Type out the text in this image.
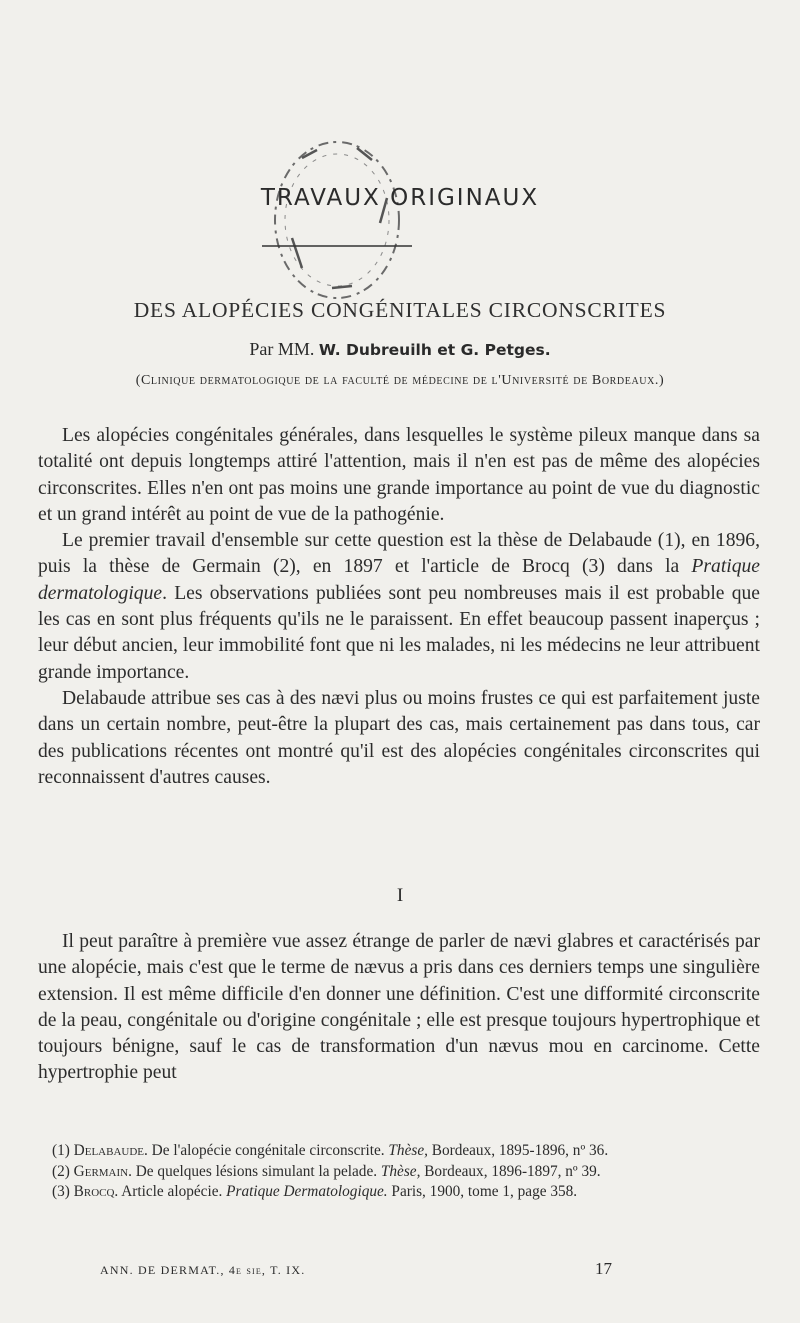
TRAVAUX ORIGINAUX
DES ALOPÉCIES CONGÉNITALES CIRCONSCRITES
Par MM. W. Dubreuilh et G. Petges.
(Clinique dermatologique de la faculté de médecine de l'Université de Bordeaux.)

Les alopécies congénitales générales, dans lesquelles le système pileux manque dans sa totalité ont depuis longtemps attiré l'attention, mais il n'en est pas de même des alopécies circonscrites. Elles n'en ont pas moins une grande importance au point de vue du diagnostic et un grand intérêt au point de vue de la pathogénie.

Le premier travail d'ensemble sur cette question est la thèse de Delabaude (1), en 1896, puis la thèse de Germain (2), en 1897 et l'article de Brocq (3) dans la Pratique dermatologique. Les observations publiées sont peu nombreuses mais il est probable que les cas en sont plus fréquents qu'ils ne le paraissent. En effet beaucoup passent inaperçus ; leur début ancien, leur immobilité font que ni les malades, ni les médecins ne leur attribuent grande importance.

Delabaude attribue ses cas à des nævi plus ou moins frustes ce qui est parfaitement juste dans un certain nombre, peut-être la plupart des cas, mais certainement pas dans tous, car des publications récentes ont montré qu'il est des alopécies congénitales circonscrites qui reconnaissent d'autres causes.

I

Il peut paraître à première vue assez étrange de parler de nævi glabres et caractérisés par une alopécie, mais c'est que le terme de nævus a pris dans ces derniers temps une singulière extension. Il est même difficile d'en donner une définition. C'est une difformité circonscrite de la peau, congénitale ou d'origine congénitale ; elle est presque toujours hypertrophique et toujours bénigne, sauf le cas de transformation d'un nævus mou en carcinome. Cette hypertrophie peut

(1) Delabaude. De l'alopécie congénitale circonscrite. Thèse, Bordeaux, 1895-1896, nº 36.

(2) Germain. De quelques lésions simulant la pelade. Thèse, Bordeaux, 1896-1897, nº 39.

(3) Brocq. Article alopécie. Pratique Dermatologique. Paris, 1900, tome 1, page 358.

ANN. DE DERMAT., 4e sie, T. IX.	17
